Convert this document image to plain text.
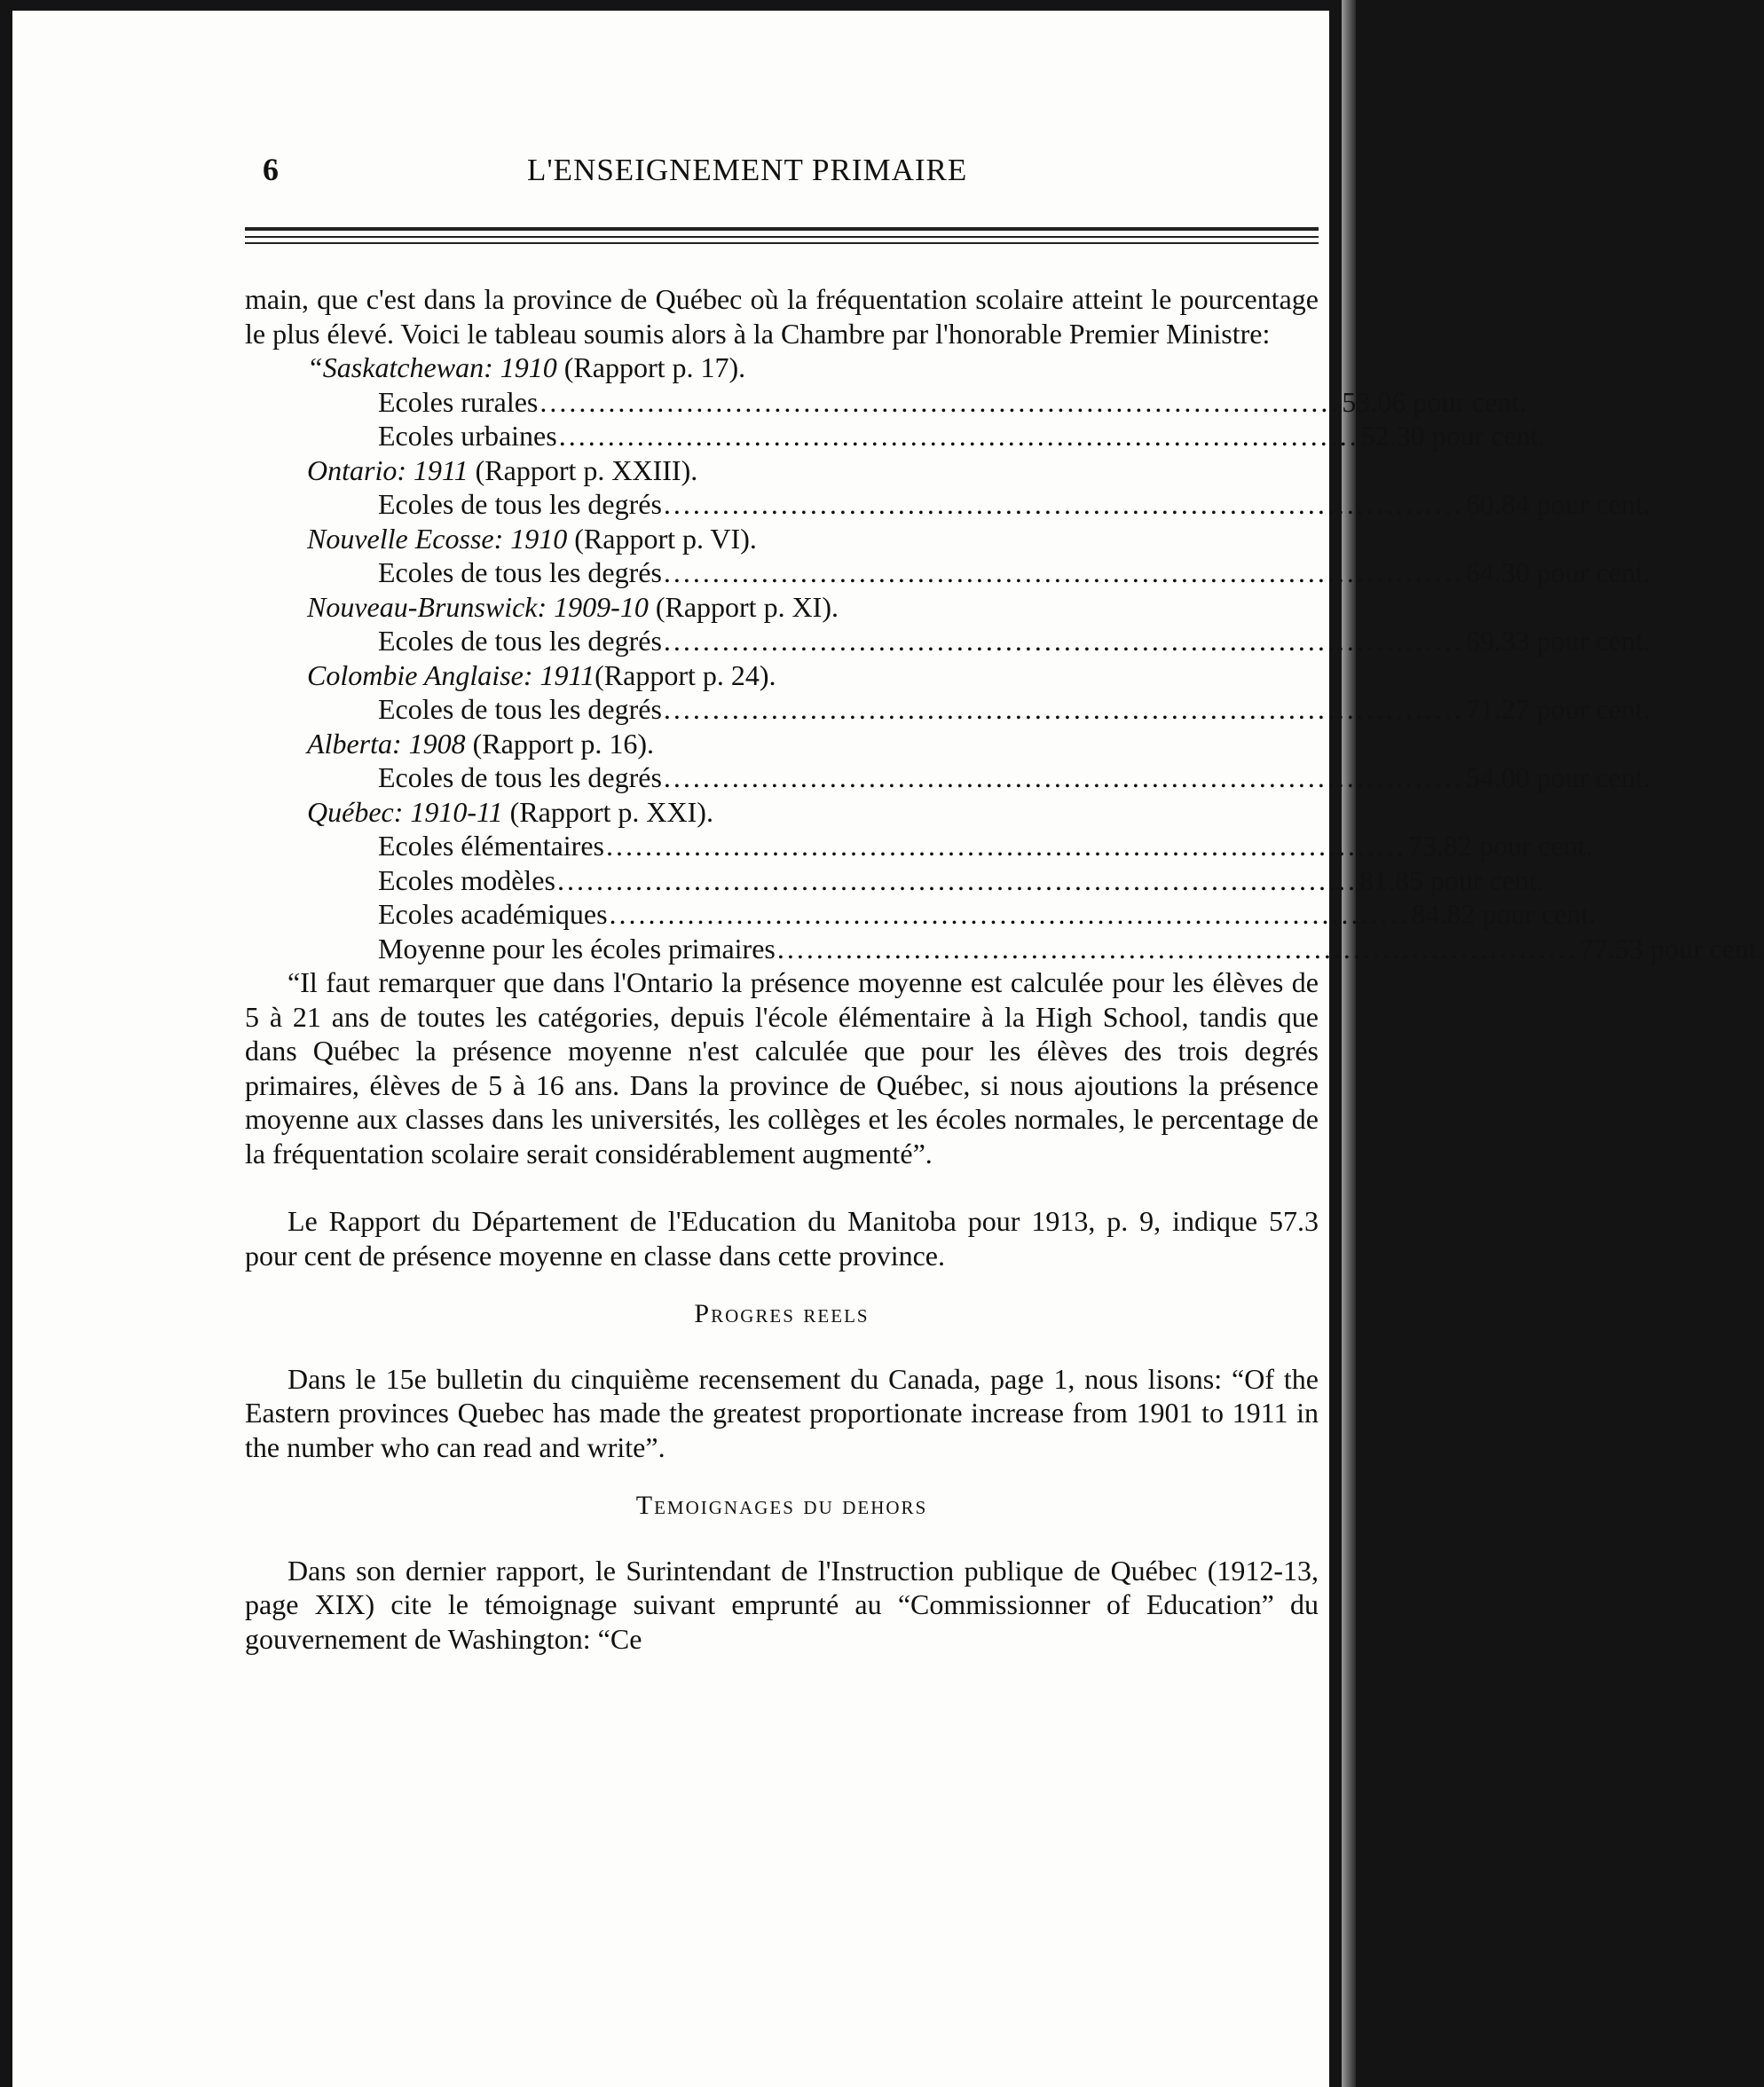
6	L'ENSEIGNEMENT PRIMAIRE

main, que c'est dans la province de Québec où la fréquentation scolaire atteint le pourcentage le plus élevé. Voici le tableau soumis alors à la Chambre par l'honorable Premier Ministre:

“Saskatchewan: 1910 (Rapport p. 17).
Ecoles rurales .................................................................................. 53.06 pour cent.
Ecoles urbaines .................................................................................. 52.30 pour cent.
Ontario: 1911 (Rapport p. XXIII).
Ecoles de tous les degrés .................................................................................. 60.84 pour cent.
Nouvelle Ecosse: 1910 (Rapport p. VI).
Ecoles de tous les degrés .................................................................................. 64.30 pour cent.
Nouveau-Brunswick: 1909-10 (Rapport p. XI).
Ecoles de tous les degrés .................................................................................. 69.33 pour cent.
Colombie Anglaise: 1911(Rapport p. 24).
Ecoles de tous les degrés .................................................................................. 71.27 pour cent.
Alberta: 1908 (Rapport p. 16).
Ecoles de tous les degrés .................................................................................. 54.00 pour cent.
Québec: 1910-11 (Rapport p. XXI).
Ecoles élémentaires .................................................................................. 73.82 pour cent.
Ecoles modèles .................................................................................. 81.85 pour cent.
Ecoles académiques .................................................................................. 84.82 pour cent.
Moyenne pour les écoles primaires .................................................................................. 77.53 pour cent.

“Il faut remarquer que dans l'Ontario la présence moyenne est calculée pour les élèves de 5 à 21 ans de toutes les catégories, depuis l'école élémentaire à la High School, tandis que dans Québec la présence moyenne n'est calculée que pour les élèves des trois degrés primaires, élèves de 5 à 16 ans. Dans la province de Québec, si nous ajoutions la présence moyenne aux classes dans les universités, les collèges et les écoles normales, le percentage de la fréquentation scolaire serait considérablement augmenté”.

Le Rapport du Département de l'Education du Manitoba pour 1913, p. 9, indique 57.3 pour cent de présence moyenne en classe dans cette province.

Progres reels

Dans le 15e bulletin du cinquième recensement du Canada, page 1, nous lisons: “Of the Eastern provinces Quebec has made the greatest proportionate increase from 1901 to 1911 in the number who can read and write”.

Temoignages du dehors

Dans son dernier rapport, le Surintendant de l'Instruction publique de Québec (1912-13, page XIX) cite le témoignage suivant emprunté au “Commissionner of Education” du gouvernement de Washington: “Ce
